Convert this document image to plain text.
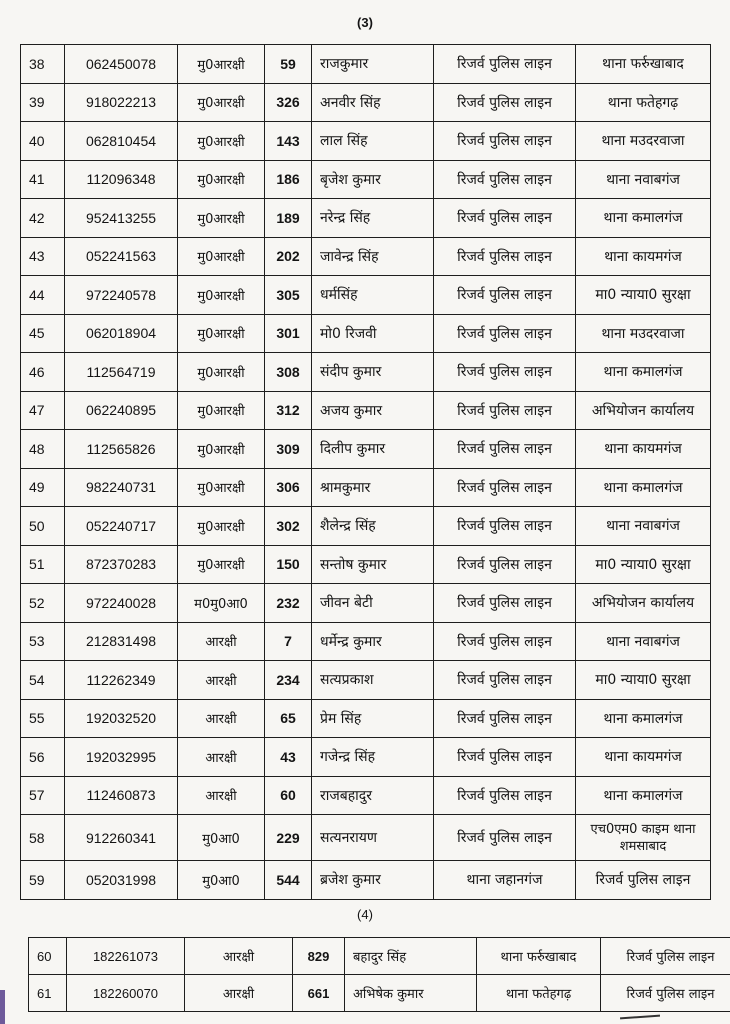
(3)
38	062450078	मु0आरक्षी	59	राजकुमार	रिजर्व पुलिस लाइन	थाना फर्रुखाबाद
39	918022213	मु0आरक्षी	326	अनवीर सिंह	रिजर्व पुलिस लाइन	थाना फतेहगढ़
40	062810454	मु0आरक्षी	143	लाल सिंह	रिजर्व पुलिस लाइन	थाना मउदरवाजा
41	112096348	मु0आरक्षी	186	बृजेश कुमार	रिजर्व पुलिस लाइन	थाना नवाबगंज
42	952413255	मु0आरक्षी	189	नरेन्द्र सिंह	रिजर्व पुलिस लाइन	थाना कमालगंज
43	052241563	मु0आरक्षी	202	जावेन्द्र सिंह	रिजर्व पुलिस लाइन	थाना कायमगंज
44	972240578	मु0आरक्षी	305	धर्मसिंह	रिजर्व पुलिस लाइन	मा0 न्याया0 सुरक्षा
45	062018904	मु0आरक्षी	301	मो0 रिजवी	रिजर्व पुलिस लाइन	थाना मउदरवाजा
46	112564719	मु0आरक्षी	308	संदीप कुमार	रिजर्व पुलिस लाइन	थाना कमालगंज
47	062240895	मु0आरक्षी	312	अजय कुमार	रिजर्व पुलिस लाइन	अभियोजन कार्यालय
48	112565826	मु0आरक्षी	309	दिलीप कुमार	रिजर्व पुलिस लाइन	थाना कायमगंज
49	982240731	मु0आरक्षी	306	श्रामकुमार	रिजर्व पुलिस लाइन	थाना कमालगंज
50	052240717	मु0आरक्षी	302	शैलेन्द्र सिंह	रिजर्व पुलिस लाइन	थाना नवाबगंज
51	872370283	मु0आरक्षी	150	सन्तोष कुमार	रिजर्व पुलिस लाइन	मा0 न्याया0 सुरक्षा
52	972240028	म0मु0आ0	232	जीवन बेटी	रिजर्व पुलिस लाइन	अभियोजन कार्यालय
53	212831498	आरक्षी	7	धर्मेन्द्र कुमार	रिजर्व पुलिस लाइन	थाना नवाबगंज
54	112262349	आरक्षी	234	सत्यप्रकाश	रिजर्व पुलिस लाइन	मा0 न्याया0 सुरक्षा
55	192032520	आरक्षी	65	प्रेम सिंह	रिजर्व पुलिस लाइन	थाना कमालगंज
56	192032995	आरक्षी	43	गजेन्द्र सिंह	रिजर्व पुलिस लाइन	थाना कायमगंज
57	112460873	आरक्षी	60	राजबहादुर	रिजर्व पुलिस लाइन	थाना कमालगंज
58	912260341	मु0आ0	229	सत्यनरायण	रिजर्व पुलिस लाइन	एच0एम0 काइम थाना शमसाबाद
59	052031998	मु0आ0	544	ब्रजेश कुमार	थाना जहानगंज	रिजर्व पुलिस लाइन
(4)
60	182261073	आरक्षी	829	बहादुर सिंह	थाना फर्रुखाबाद	रिजर्व पुलिस लाइन
61	182260070	आरक्षी	661	अभिषेक कुमार	थाना फतेहगढ़	रिजर्व पुलिस लाइन
